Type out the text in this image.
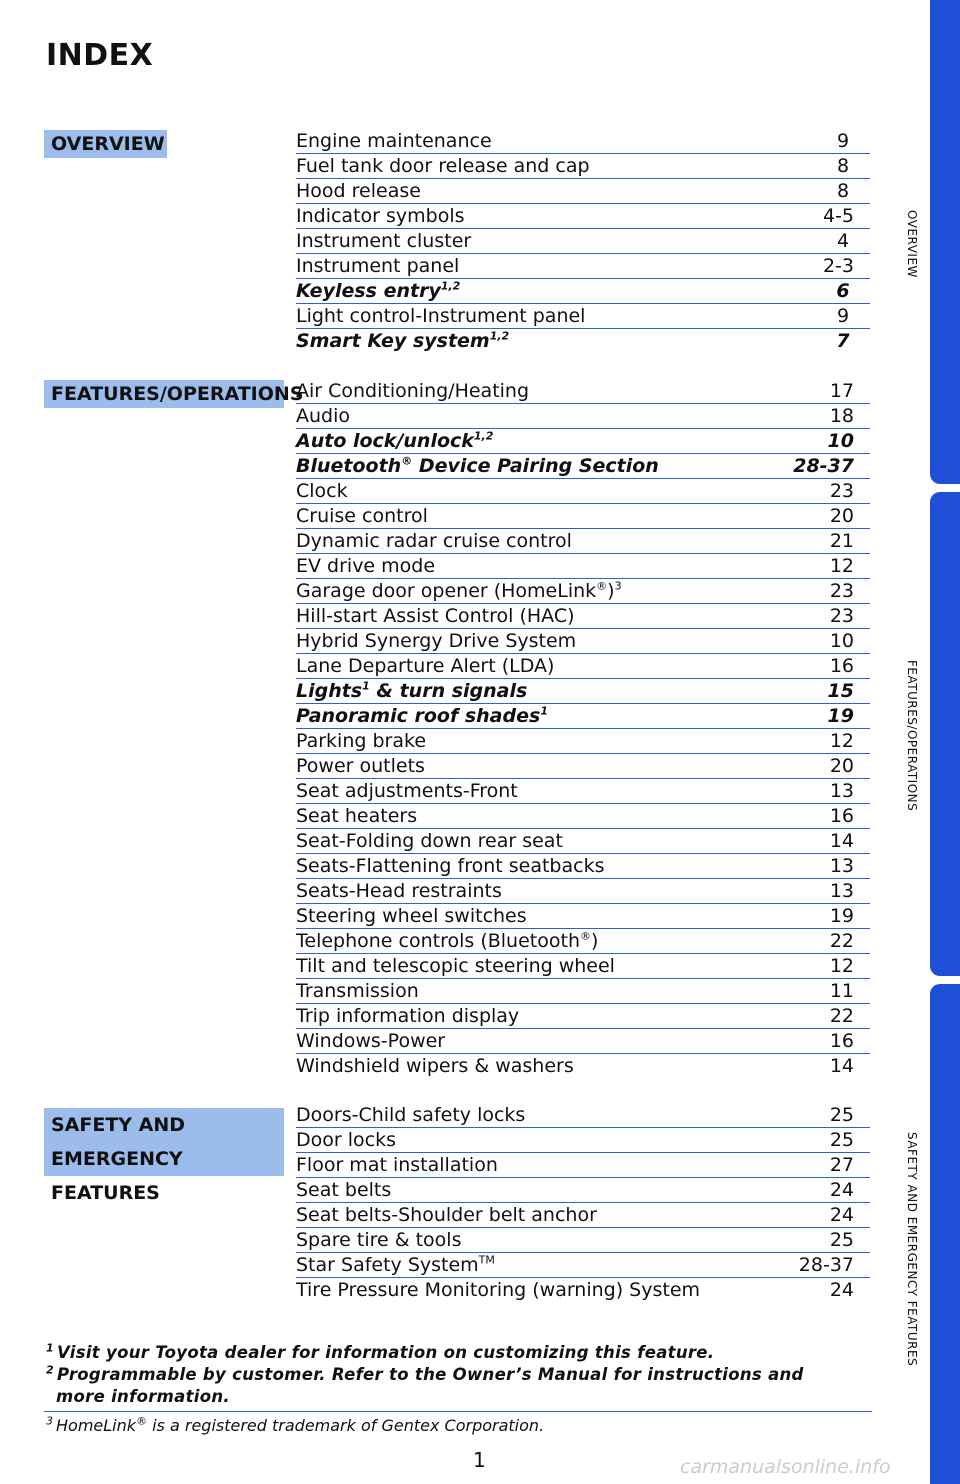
INDEX
OVERVIEW
FEATURES/OPERATIONS
SAFETY AND
EMERGENCY FEATURES
Engine maintenance	9
Fuel tank door release and cap	8
Hood release	8
Indicator symbols	4-5
Instrument cluster	4
Instrument panel	2-3
Keyless entry$^{1,2}$	6
Light control-Instrument panel	9
Smart Key system$^{1,2}$	7
Air Conditioning/Heating	17
Audio	18
Auto lock/unlock$^{1,2}$	10
Bluetooth® Device Pairing Section	28-37
Clock	23
Cruise control	20
Dynamic radar cruise control	21
EV drive mode	12
Garage door opener (HomeLink®)$^3$	23
Hill-start Assist Control (HAC)	23
Hybrid Synergy Drive System	10
Lane Departure Alert (LDA)	16
Lights$^1$ & turn signals	15
Panoramic roof shades$^1$	19
Parking brake	12
Power outlets	20
Seat adjustments-Front	13
Seat heaters	16
Seat-Folding down rear seat	14
Seats-Flattening front seatbacks	13
Seats-Head restraints	13
Steering wheel switches	19
Telephone controls (Bluetooth®)	22
Tilt and telescopic steering wheel	12
Transmission	11
Trip information display	22
Windows-Power	16
Windshield wipers & washers	14
Doors-Child safety locks	25
Door locks	25
Floor mat installation	27
Seat belts	24
Seat belts-Shoulder belt anchor	24
Spare tire & tools	25
Star Safety System™	28-37
Tire Pressure Monitoring (warning) System	24
$^1$ Visit your Toyota dealer for information on customizing this feature.
$^2$ Programmable by customer. Refer to the Owner’s Manual for instructions and
more information.
$^3$ HomeLink® is a registered trademark of Gentex Corporation.
1
OVERVIEW
FEATURES/OPERATIONS
SAFETY AND EMERGENCY FEATURES
carmanualsonline.info
